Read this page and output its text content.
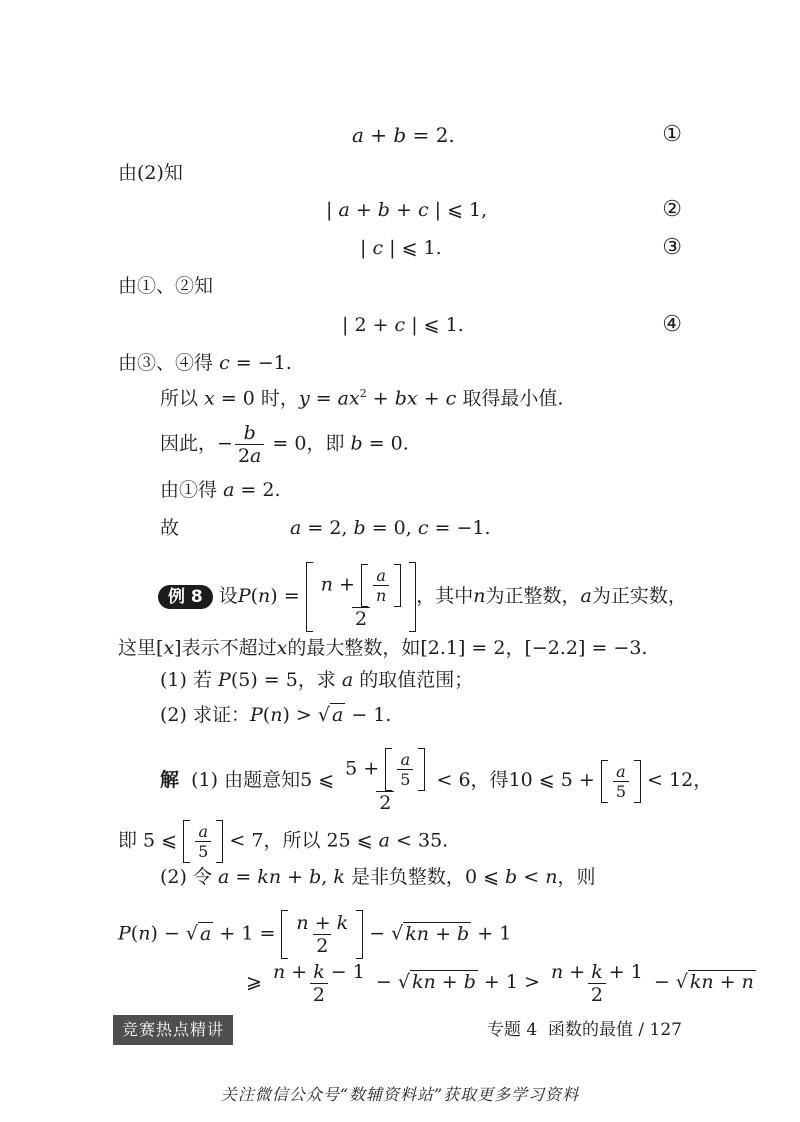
a + b = 2.	①
由(2)知
| a + b + c | ⩽ 1,	②
| c | ⩽ 1.	③
由①、②知
| 2 + c | ⩽ 1.	④
由③、④得 c = −1.
所以 x = 0 时，$y = ax^2$ + bx + c 取得最小值.
因此，− $\frac{b}{2a} = 0$，即 b = 0.
由①得 a = 2.
故	a = 2, b = 0, c = −1.
例 8 设$P(n) = \frac{n + \frac{a}{n}}{2}$ ，其中n为正整数，a为正实数，
这里[x]表示不超过x的最大整数，如[2.1] = 2，[−2.2] = −3.
(1) 若 P(5) = 5，求 a 的取值范围；
(2) 求证：P(n) > √ a − 1.
解 (1) 由题意知5 ⩽ $\frac{5 + \frac{a}{5}}{2} < 6$，得10 ⩽ $5 + \frac{a}{5} < 12$，
即 5 ⩽ $\frac{a}{5} < 7$，所以 25 ⩽ a < 35.
(2) 令 a = kn + b, k 是非负整数，0 ⩽ b < n，则
P(n) − √ $a + 1 = \frac{n + k}{2}$ − √ kn + b + 1
⩾ $\frac{n + k - 1}{2}$ − √ kn + $b + 1 > \frac{n + k + 1}{2}$ − √ kn + n
竞赛热点精讲	专题 4 函数的最值 / 127
关注微信公众号“数辅资料站”获取更多学习资料
